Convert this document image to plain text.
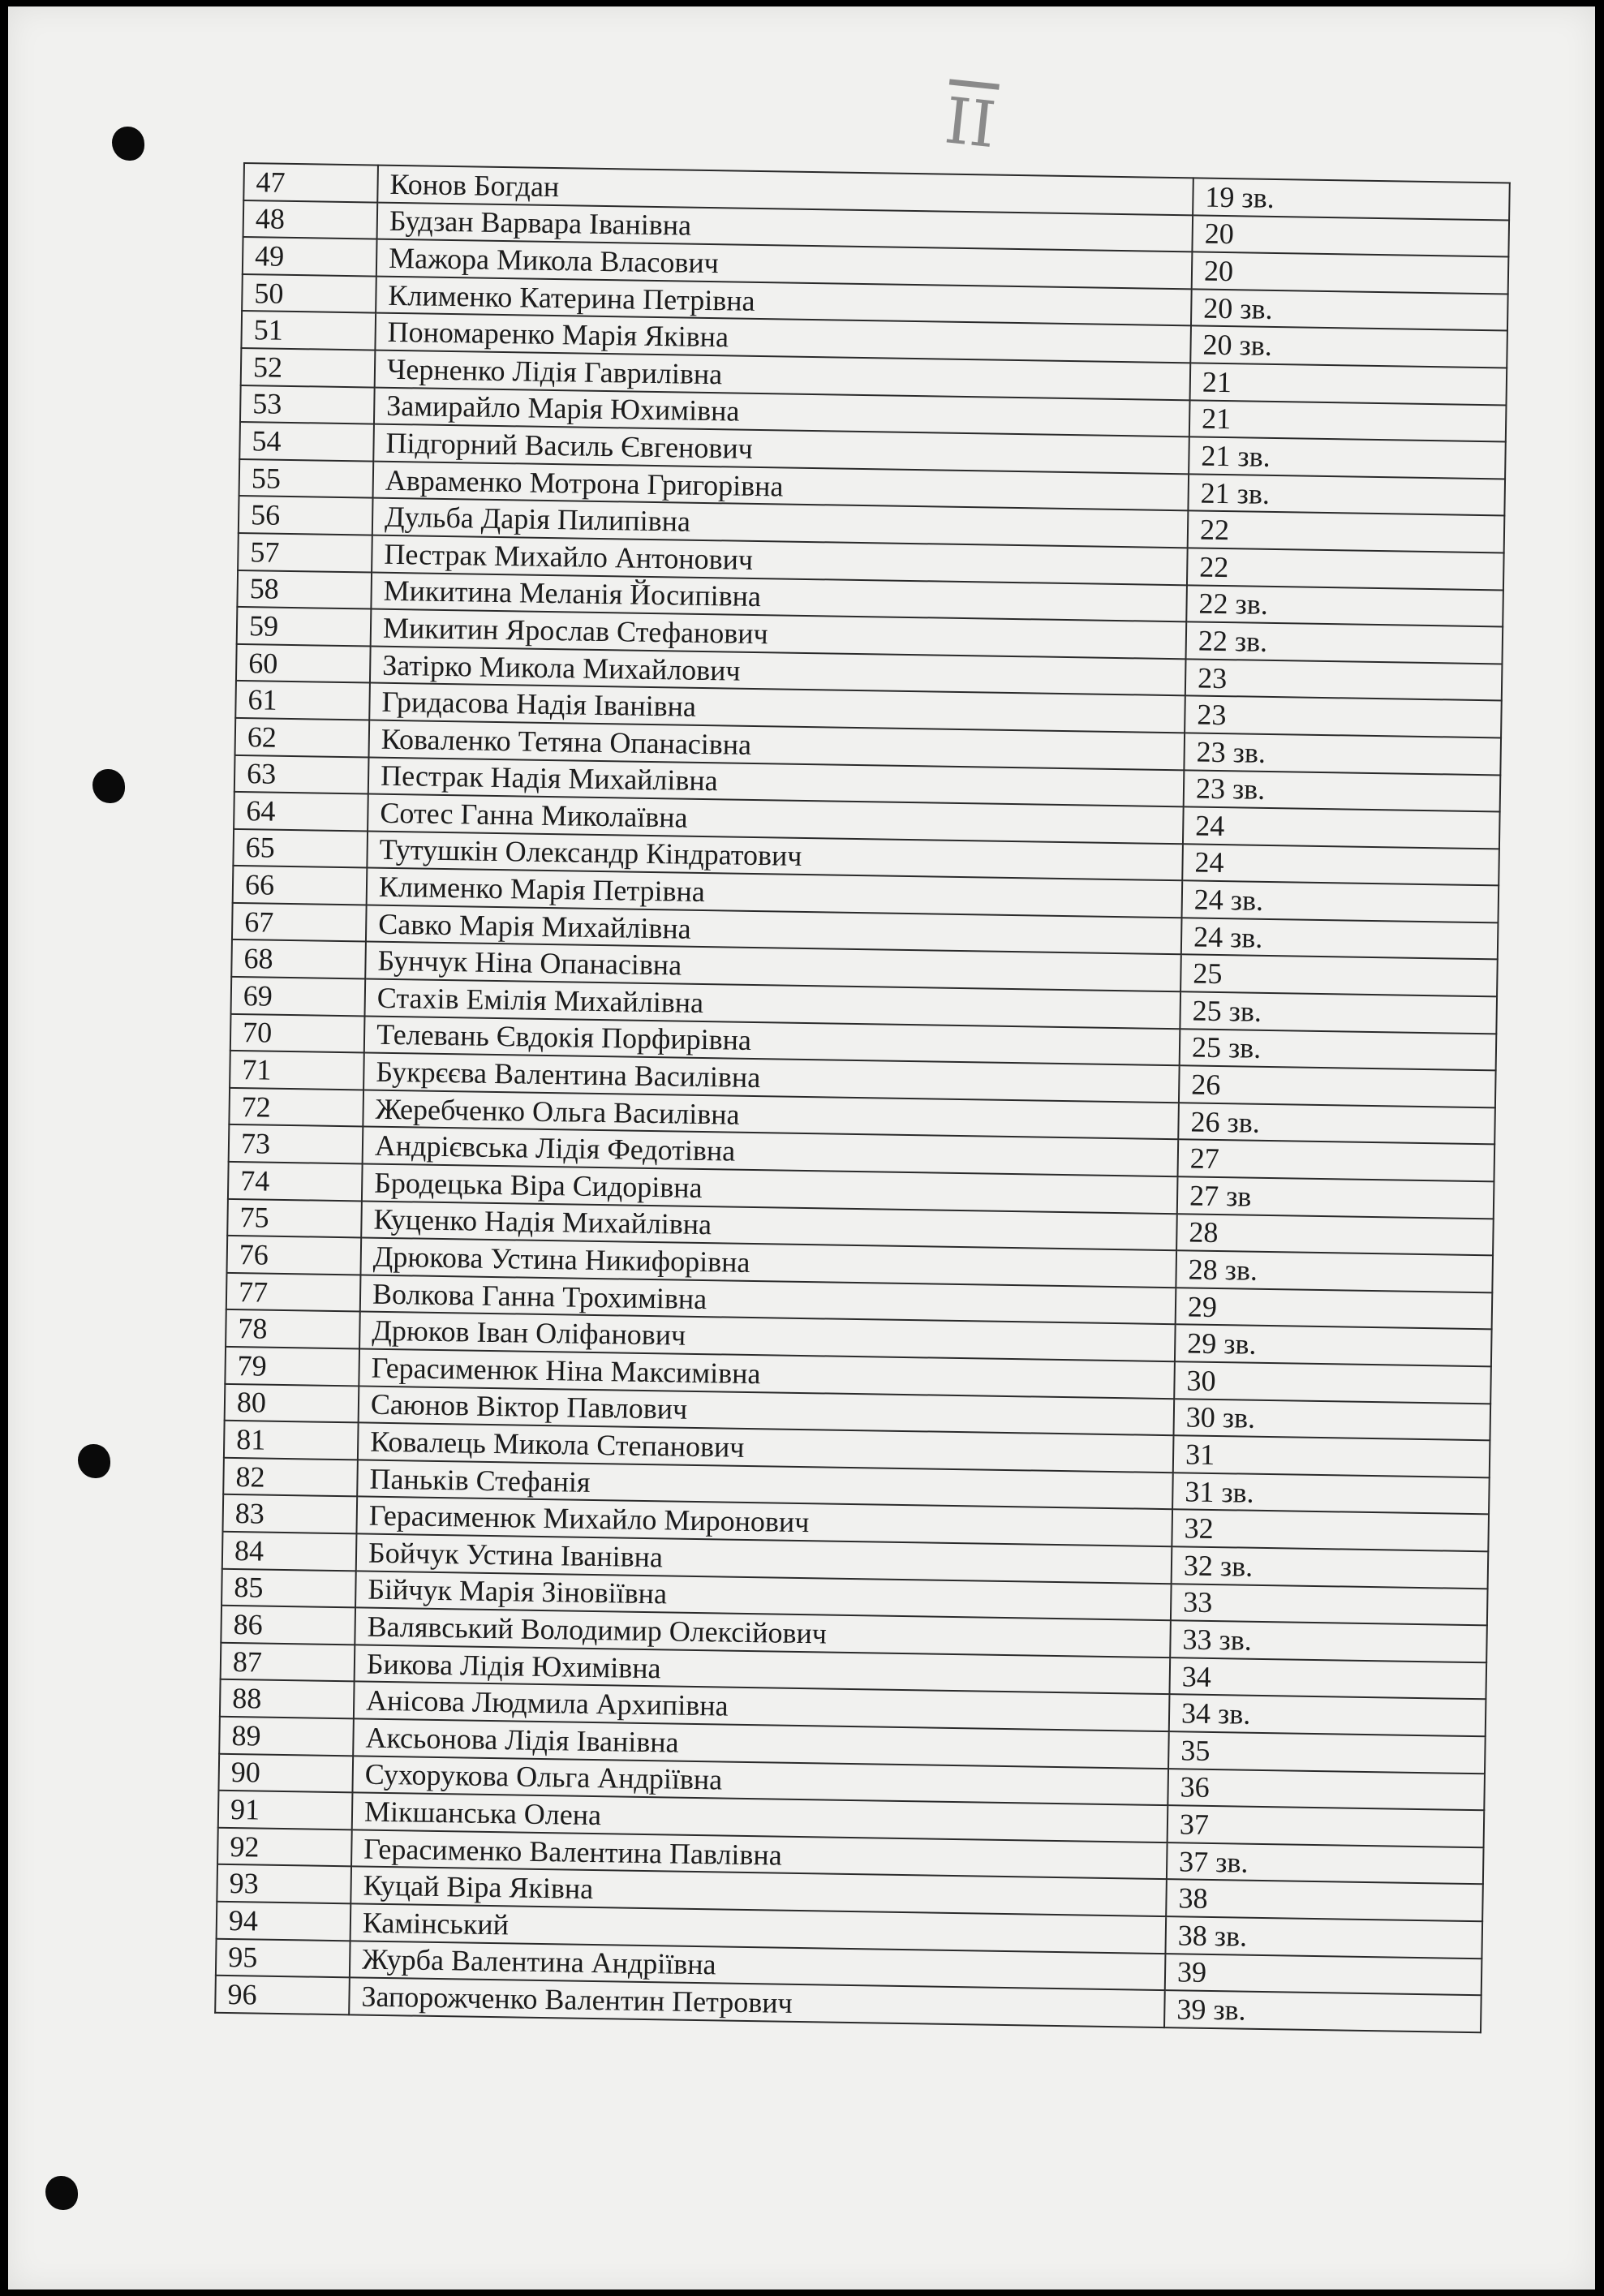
$\overline{II}$
47	Конов Богдан	19 зв.
48	Будзан Варвара Іванівна	20
49	Мажора Микола Власович	20
50	Клименко Катерина Петрівна	20 зв.
51	Пономаренко Марія Яківна	20 зв.
52	Черненко Лідія Гаврилівна	21
53	Замирайло Марія Юхимівна	21
54	Підгорний Василь Євгенович	21 зв.
55	Авраменко Мотрона Григорівна	21 зв.
56	Дульба Дарія Пилипівна	22
57	Пестрак Михайло Антонович	22
58	Микитина Меланія Йосипівна	22 зв.
59	Микитин Ярослав Стефанович	22 зв.
60	Затірко Микола Михайлович	23
61	Гридасова Надія Іванівна	23
62	Коваленко Тетяна Опанасівна	23 зв.
63	Пестрак Надія Михайлівна	23 зв.
64	Сотес Ганна Миколаївна	24
65	Тутушкін Олександр Кіндратович	24
66	Клименко Марія Петрівна	24 зв.
67	Савко Марія Михайлівна	24 зв.
68	Бунчук Ніна Опанасівна	25
69	Стахів Емілія Михайлівна	25 зв.
70	Телевань Євдокія Порфирівна	25 зв.
71	Букрєєва Валентина Василівна	26
72	Жеребченко Ольга Василівна	26 зв.
73	Андрієвська Лідія Федотівна	27
74	Бродецька Віра Сидорівна	27 зв
75	Куценко Надія Михайлівна	28
76	Дрюкова Устина Никифорівна	28 зв.
77	Волкова Ганна Трохимівна	29
78	Дрюков Іван Оліфанович	29 зв.
79	Герасименюк Ніна Максимівна	30
80	Саюнов Віктор Павлович	30 зв.
81	Ковалець Микола Степанович	31
82	Паньків Стефанія	31 зв.
83	Герасименюк Михайло Миронович	32
84	Бойчук Устина Іванівна	32 зв.
85	Бійчук Марія Зіновіївна	33
86	Валявський Володимир Олексійович	33 зв.
87	Бикова Лідія Юхимівна	34
88	Анісова Людмила Архипівна	34 зв.
89	Аксьонова Лідія Іванівна	35
90	Сухорукова Ольга Андріївна	36
91	Мікшанська Олена	37
92	Герасименко Валентина Павлівна	37 зв.
93	Куцай Віра Яківна	38
94	Камінський	38 зв.
95	Журба Валентина Андріївна	39
96	Запорожченко Валентин Петрович	39 зв.
